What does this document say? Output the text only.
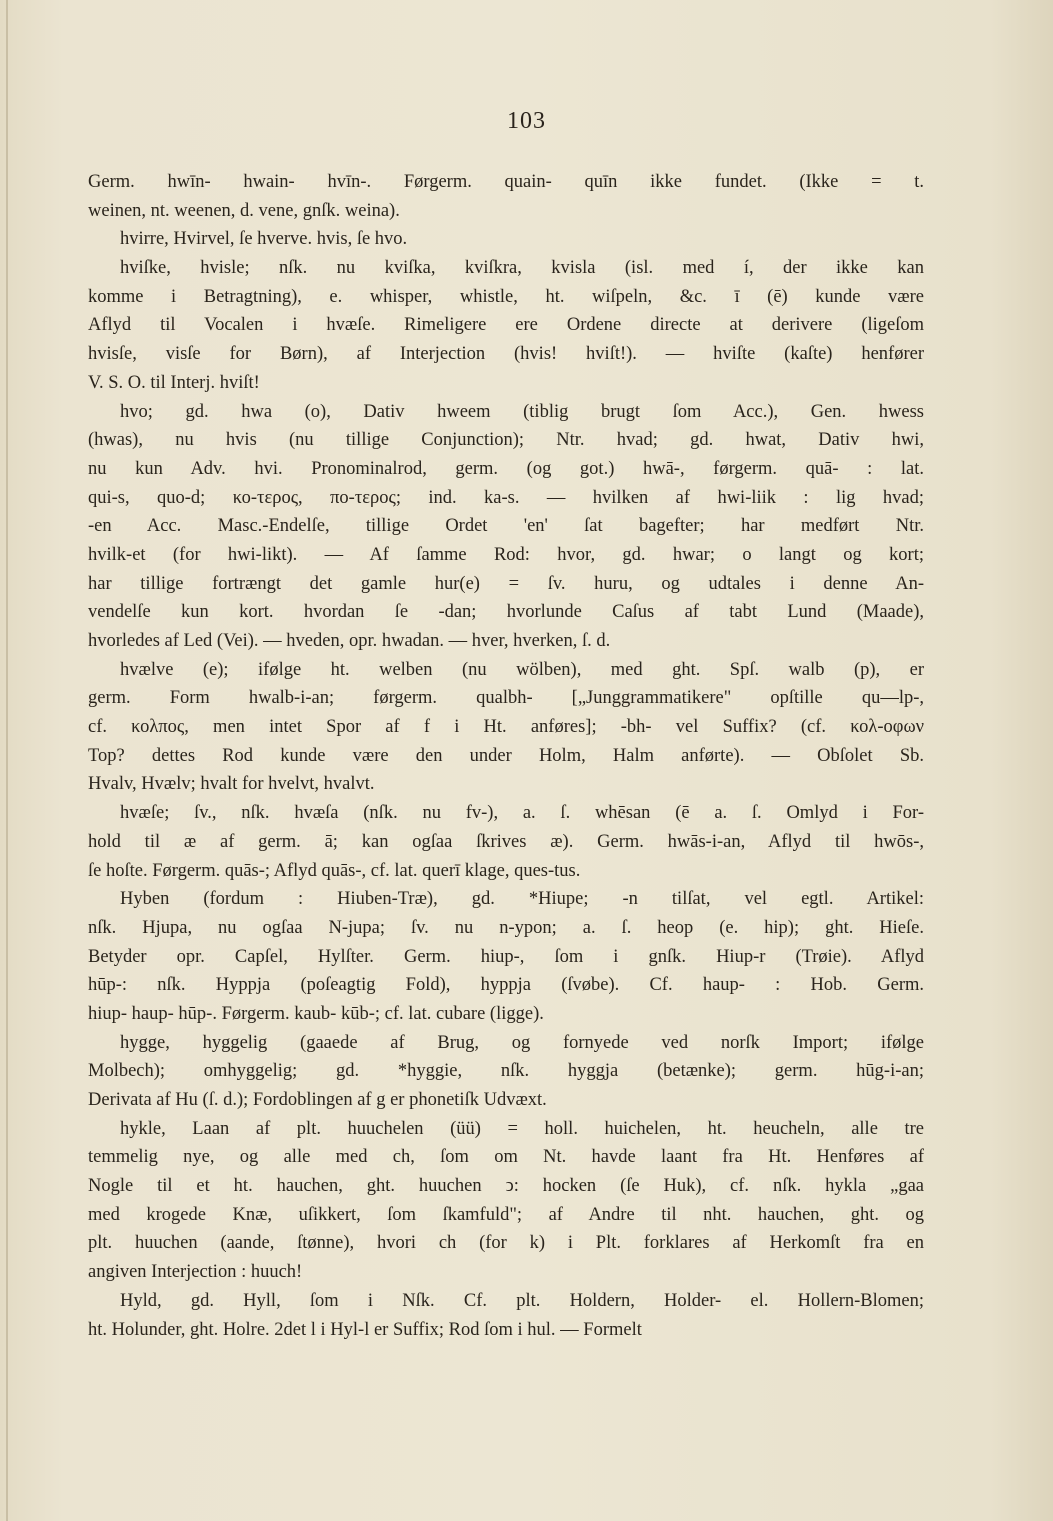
103
Germ. hwīn- hwain- hvīn-. Førgerm. quain- quīn ikke fundet. (Ikke = t.
weinen, nt. weenen, d. vene, gnſk. weina).
hvirre, Hvirvel, ſe hverve. hvis, ſe hvo.
hviſke, hvisle; nſk. nu kviſka, kviſkra, kvisla (isl. med í, der ikke kan
komme i Betragtning), e. whisper, whistle, ht. wiſpeln, &c. ī (ē) kunde være
Aflyd til Vocalen i hvæſe. Rimeligere ere Ordene directe at derivere (ligeſom
hvisſe, visſe for Børn), af Interjection (hvis! hviſt!). — hviſte (kaſte) henfører
V. S. O. til Interj. hviſt!
hvo; gd. hwa (o), Dativ hweem (tiblig brugt ſom Acc.), Gen. hwess
(hwas), nu hvis (nu tillige Conjunction); Ntr. hvad; gd. hwat, Dativ hwi,
nu kun Adv. hvi. Pronominalrod, germ. (og got.) hwā-, førgerm. quā- : lat.
qui-s, quo-d; κο-τερος, πο-τερος; ind. ka-s. — hvilken af hwi-liik : lig hvad;
-en Acc. Masc.-Endelſe, tillige Ordet 'en' ſat bagefter; har medført Ntr.
hvilk-et (for hwi-likt). — Af ſamme Rod: hvor, gd. hwar; o langt og kort;
har tillige fortrængt det gamle hur(e) = ſv. huru, og udtales i denne An-
vendelſe kun kort. hvordan ſe -dan; hvorlunde Caſus af tabt Lund (Maade),
hvorledes af Led (Vei). — hveden, opr. hwadan. — hver, hverken, ſ. d.
hvælve (e); ifølge ht. welben (nu wölben), med ght. Spſ. walb (p), er
germ. Form hwalb-i-an; førgerm. qualbh- [„Junggrammatikere" opſtille qu—lp-,
cf. κολπος, men intet Spor af f i Ht. anføres]; -bh- vel Suffix? (cf. κολ-οφων
Top? dettes Rod kunde være den under Holm, Halm anførte). — Obſolet Sb.
Hvalv, Hvælv; hvalt for hvelvt, hvalvt.
hvæſe; ſv., nſk. hvæſa (nſk. nu fv-), a. ſ. whēsan (ē a. ſ. Omlyd i For-
hold til æ af germ. ā; kan ogſaa ſkrives æ). Germ. hwās-i-an, Aflyd til hwōs-,
ſe hoſte. Førgerm. quās-; Aflyd quās-, cf. lat. querī klage, ques-tus.
Hyben (fordum : Hiuben-Træ), gd. *Hiupe; -n tilſat, vel egtl. Artikel:
nſk. Hjupa, nu ogſaa N-jupa; ſv. nu n-ypon; a. ſ. heop (e. hip); ght. Hieſe.
Betyder opr. Capſel, Hylſter. Germ. hiup-, ſom i gnſk. Hiup-r (Trøie). Aflyd
hūp-: nſk. Hyppja (poſeagtig Fold), hyppja (ſvøbe). Cf. haup- : Hob. Germ.
hiup- haup- hūp-. Førgerm. kaub- kūb-; cf. lat. cubare (ligge).
hygge, hyggelig (gaaede af Brug, og fornyede ved norſk Import; ifølge
Molbech); omhyggelig; gd. *hyggie, nſk. hyggja (betænke); germ. hūg-i-an;
Derivata af Hu (ſ. d.); Fordoblingen af g er phonetiſk Udvæxt.
hykle, Laan af plt. huuchelen (üü) = holl. huichelen, ht. heucheln, alle tre
temmelig nye, og alle med ch, ſom om Nt. havde laant fra Ht. Henføres af
Nogle til et ht. hauchen, ght. huuchen ↄ: hocken (ſe Huk), cf. nſk. hykla „gaa
med krogede Knæ, uſikkert, ſom ſkamfuld"; af Andre til nht. hauchen, ght. og
plt. huuchen (aande, ſtønne), hvori ch (for k) i Plt. forklares af Herkomſt fra en
angiven Interjection : huuch!
Hyld, gd. Hyll, ſom i Nſk. Cf. plt. Holdern, Holder- el. Hollern-Blomen;
ht. Holunder, ght. Holre. 2det l i Hyl-l er Suffix; Rod ſom i hul. — Formelt
